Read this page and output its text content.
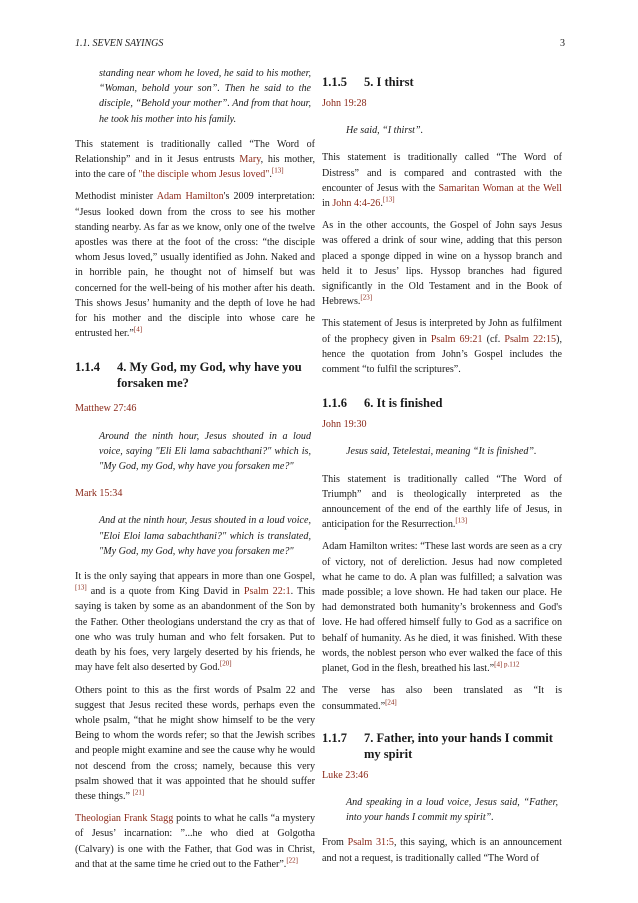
1.1. SEVEN SAYINGS	3

standing near whom he loved, he said to his mother, “Woman, behold your son”. Then he said to the disciple, “Behold your mother”. And from that hour, he took his mother into his family.

This statement is traditionally called “The Word of Relationship” and in it Jesus entrusts Mary, his mother, into the care of "the disciple whom Jesus loved".[13]

Methodist minister Adam Hamilton's 2009 interpretation: “Jesus looked down from the cross to see his mother standing nearby. As far as we know, only one of the twelve apostles was there at the foot of the cross: “the disciple whom Jesus loved,” usually identified as John. Naked and in horrible pain, he thought not of himself but was concerned for the well-being of his mother after his death. This shows Jesus’ humanity and the depth of love he had for his mother and the disciple into whose care he entrusted her.”[4]

1.1.4	4. My God, my God, why have you forsaken me?
Matthew 27:46

Around the ninth hour, Jesus shouted in a loud voice, saying "Eli Eli lama sabachthani?" which is, "My God, my God, why have you forsaken me?"

Mark 15:34

And at the ninth hour, Jesus shouted in a loud voice, "Eloi Eloi lama sabachthani?" which is translated, "My God, my God, why have you forsaken me?"

It is the only saying that appears in more than one Gospel,[13] and is a quote from King David in Psalm 22:1. This saying is taken by some as an abandonment of the Son by the Father. Other theologians understand the cry as that of one who was truly human and who felt forsaken. Put to death by his foes, very largely deserted by his friends, he may have felt also deserted by God.[20]

Others point to this as the first words of Psalm 22 and suggest that Jesus recited these words, perhaps even the whole psalm, “that he might show himself to be the very Being to whom the words refer; so that the Jewish scribes and people might examine and see the cause why he would not descend from the cross; namely, because this very psalm showed that it was appointed that he should suffer these things.” [21]

Theologian Frank Stagg points to what he calls “a mystery of Jesus’ incarnation: ”...he who died at Golgotha (Calvary) is one with the Father, that God was in Christ, and that at the same time he cried out to the Father”.[22]

1.1.5	5. I thirst
John 19:28

He said, “I thirst”.

This statement is traditionally called “The Word of Distress” and is compared and contrasted with the encounter of Jesus with the Samaritan Woman at the Well in John 4:4-26.[13]

As in the other accounts, the Gospel of John says Jesus was offered a drink of sour wine, adding that this person placed a sponge dipped in wine on a hyssop branch and held it to Jesus’ lips. Hyssop branches had figured significantly in the Old Testament and in the Book of Hebrews.[23]

This statement of Jesus is interpreted by John as fulfilment of the prophecy given in Psalm 69:21 (cf. Psalm 22:15), hence the quotation from John’s Gospel includes the comment “to fulfil the scriptures”.

1.1.6	6. It is finished
John 19:30

Jesus said, Tetelestai, meaning “It is finished”.

This statement is traditionally called “The Word of Triumph” and is theologically interpreted as the announcement of the end of the earthly life of Jesus, in anticipation for the Resurrection.[13]

Adam Hamilton writes: “These last words are seen as a cry of victory, not of dereliction. Jesus had now completed what he came to do. A plan was fulfilled; a salvation was made possible; a love shown. He had taken our place. He had demonstrated both humanity’s brokenness and God's love. He had offered himself fully to God as a sacrifice on behalf of humanity. As he died, it was finished. With these words, the noblest person who ever walked the face of this planet, God in the flesh, breathed his last.”$^{[4] p.112}$

The verse has also been translated as “It is consummated.”[24]

1.1.7	7. Father, into your hands I commit my spirit
Luke 23:46

And speaking in a loud voice, Jesus said, “Father, into your hands I commit my spirit”.

From Psalm 31:5, this saying, which is an announcement and not a request, is traditionally called “The Word of
